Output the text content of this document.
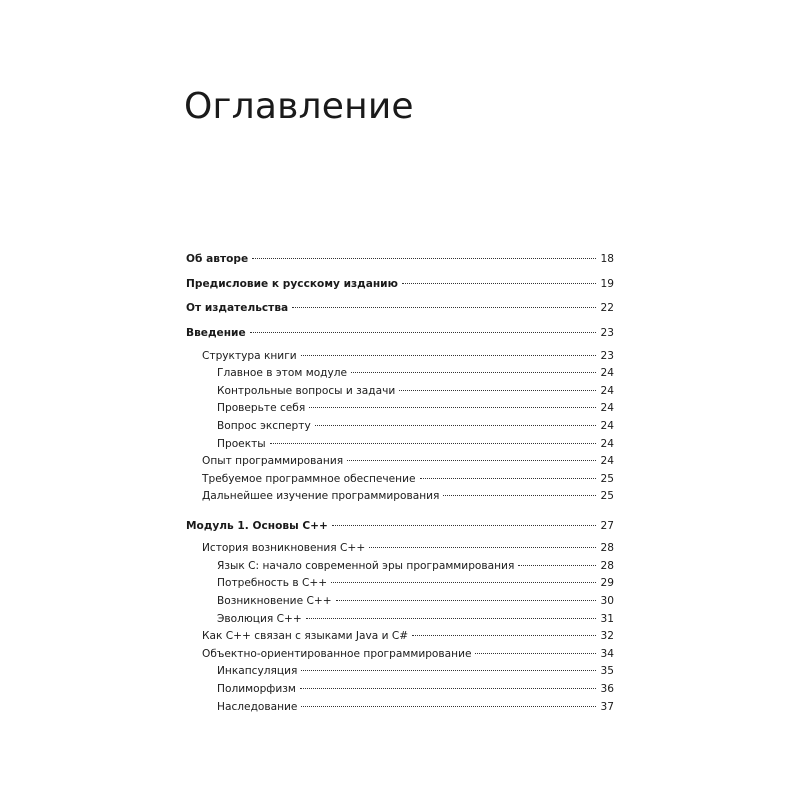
Оглавление
Об авторе	18
Предисловие к русскому изданию	19
От издательства	22
Введение	23
Структура книги	23
Главное в этом модуле	24
Контрольные вопросы и задачи	24
Проверьте себя	24
Вопрос эксперту	24
Проекты	24
Опыт программирования	24
Требуемое программное обеспечение	25
Дальнейшее изучение программирования	25
Модуль 1. Основы C++	27
История возникновения C++	28
Язык C: начало современной эры программирования	28
Потребность в C++	29
Возникновение C++	30
Эволюция C++	31
Как C++ связан с языками Java и C#	32
Объектно-ориентированное программирование	34
Инкапсуляция	35
Полиморфизм	36
Наследование	37
